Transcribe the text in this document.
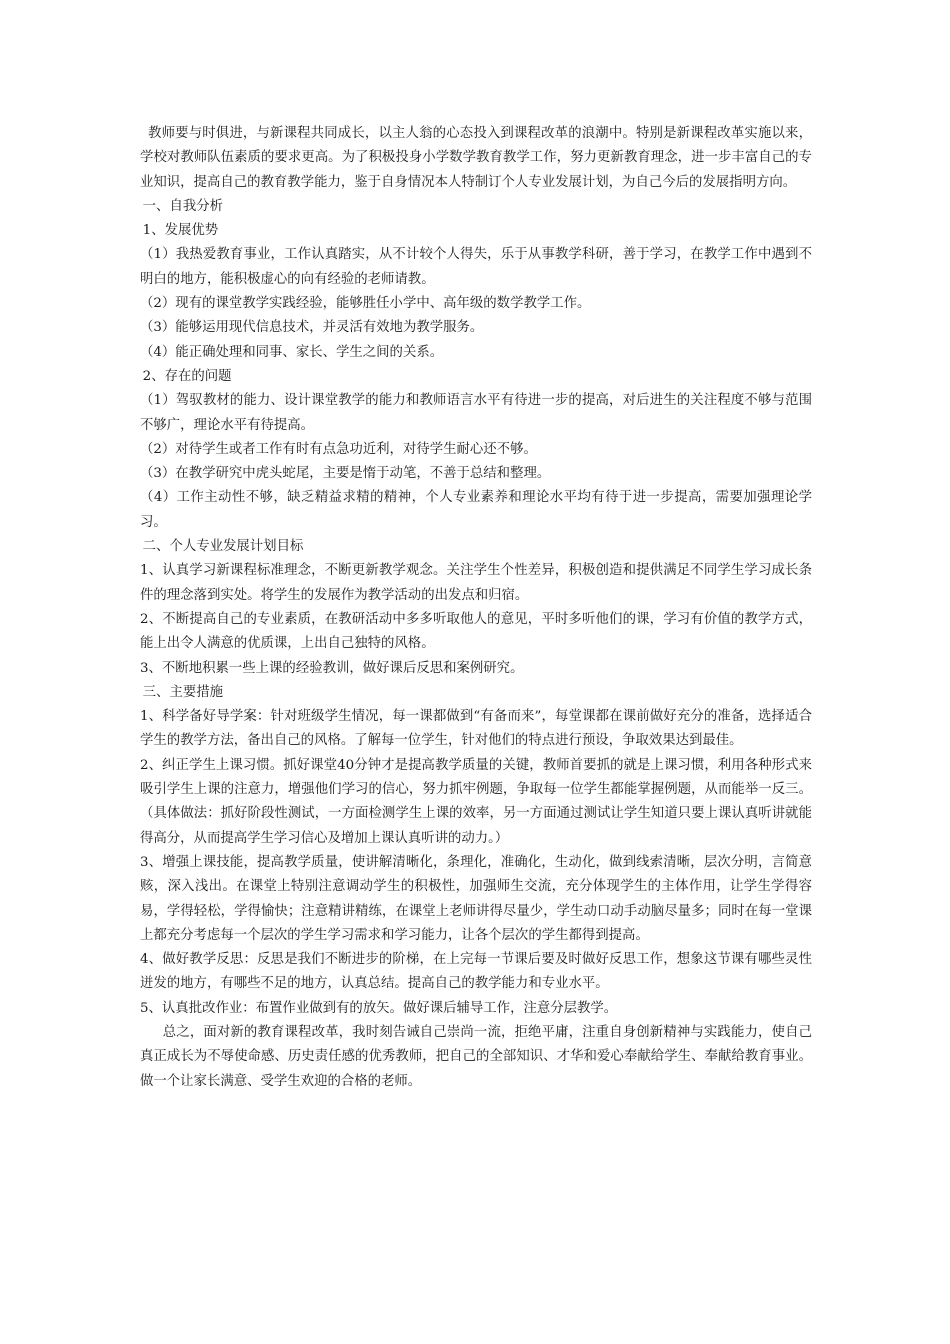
教师要与时俱进，与新课程共同成长，以主人翁的心态投入到课程改革的浪潮中。特别是新课程改革实施以来，学校对教师队伍素质的要求更高。为了积极投身小学数学教育教学工作，努力更新教育理念，进一步丰富自己的专业知识，提高自己的教育教学能力，鉴于自身情况本人特制订个人专业发展计划，为自己今后的发展指明方向。

一、自我分析

1、发展优势

（1）我热爱教育事业，工作认真踏实，从不计较个人得失，乐于从事教学科研，善于学习，在教学工作中遇到不明白的地方，能积极虚心的向有经验的老师请教。

（2）现有的课堂教学实践经验，能够胜任小学中、高年级的数学教学工作。

（3）能够运用现代信息技术，并灵活有效地为教学服务。

（4）能正确处理和同事、家长、学生之间的关系。

2、存在的问题

（1）驾驭教材的能力、设计课堂教学的能力和教师语言水平有待进一步的提高，对后进生的关注程度不够与范围不够广，理论水平有待提高。

（2）对待学生或者工作有时有点急功近利，对待学生耐心还不够。

（3）在教学研究中虎头蛇尾，主要是惰于动笔，不善于总结和整理。

（4）工作主动性不够，缺乏精益求精的精神，个人专业素养和理论水平均有待于进一步提高，需要加强理论学习。

二、个人专业发展计划目标

1、认真学习新课程标准理念，不断更新教学观念。关注学生个性差异，积极创造和提供满足不同学生学习成长条件的理念落到实处。将学生的发展作为教学活动的出发点和归宿。

2、不断提高自己的专业素质，在教研活动中多多听取他人的意见，平时多听他们的课，学习有价值的教学方式，能上出令人满意的优质课，上出自己独特的风格。

3、不断地积累一些上课的经验教训，做好课后反思和案例研究。

三、主要措施

1、科学备好导学案：针对班级学生情况，每一课都做到“有备而来”，每堂课都在课前做好充分的准备，选择适合学生的教学方法，备出自己的风格。了解每一位学生，针对他们的特点进行预设，争取效果达到最佳。

2、纠正学生上课习惯。抓好课堂40分钟才是提高教学质量的关键，教师首要抓的就是上课习惯，利用各种形式来吸引学生上课的注意力，增强他们学习的信心，努力抓牢例题，争取每一位学生都能掌握例题，从而能举一反三。（具体做法：抓好阶段性测试，一方面检测学生上课的效率，另一方面通过测试让学生知道只要上课认真听讲就能得高分，从而提高学生学习信心及增加上课认真听讲的动力。）

3、增强上课技能，提高教学质量，使讲解清晰化，条理化，准确化，生动化，做到线索清晰，层次分明，言简意赅，深入浅出。在课堂上特别注意调动学生的积极性，加强师生交流，充分体现学生的主体作用，让学生学得容易，学得轻松，学得愉快；注意精讲精练，在课堂上老师讲得尽量少，学生动口动手动脑尽量多；同时在每一堂课上都充分考虑每一个层次的学生学习需求和学习能力，让各个层次的学生都得到提高。

4、做好教学反思：反思是我们不断进步的阶梯，在上完每一节课后要及时做好反思工作，想象这节课有哪些灵性迸发的地方，有哪些不足的地方，认真总结。提高自己的教学能力和专业水平。

5、认真批改作业：布置作业做到有的放矢。做好课后辅导工作，注意分层教学。

总之，面对新的教育课程改革，我时刻告诫自己崇尚一流，拒绝平庸，注重自身创新精神与实践能力，使自己真正成长为不辱使命感、历史责任感的优秀教师，把自己的全部知识、才华和爱心奉献给学生、奉献给教育事业。做一个让家长满意、受学生欢迎的合格的老师。
